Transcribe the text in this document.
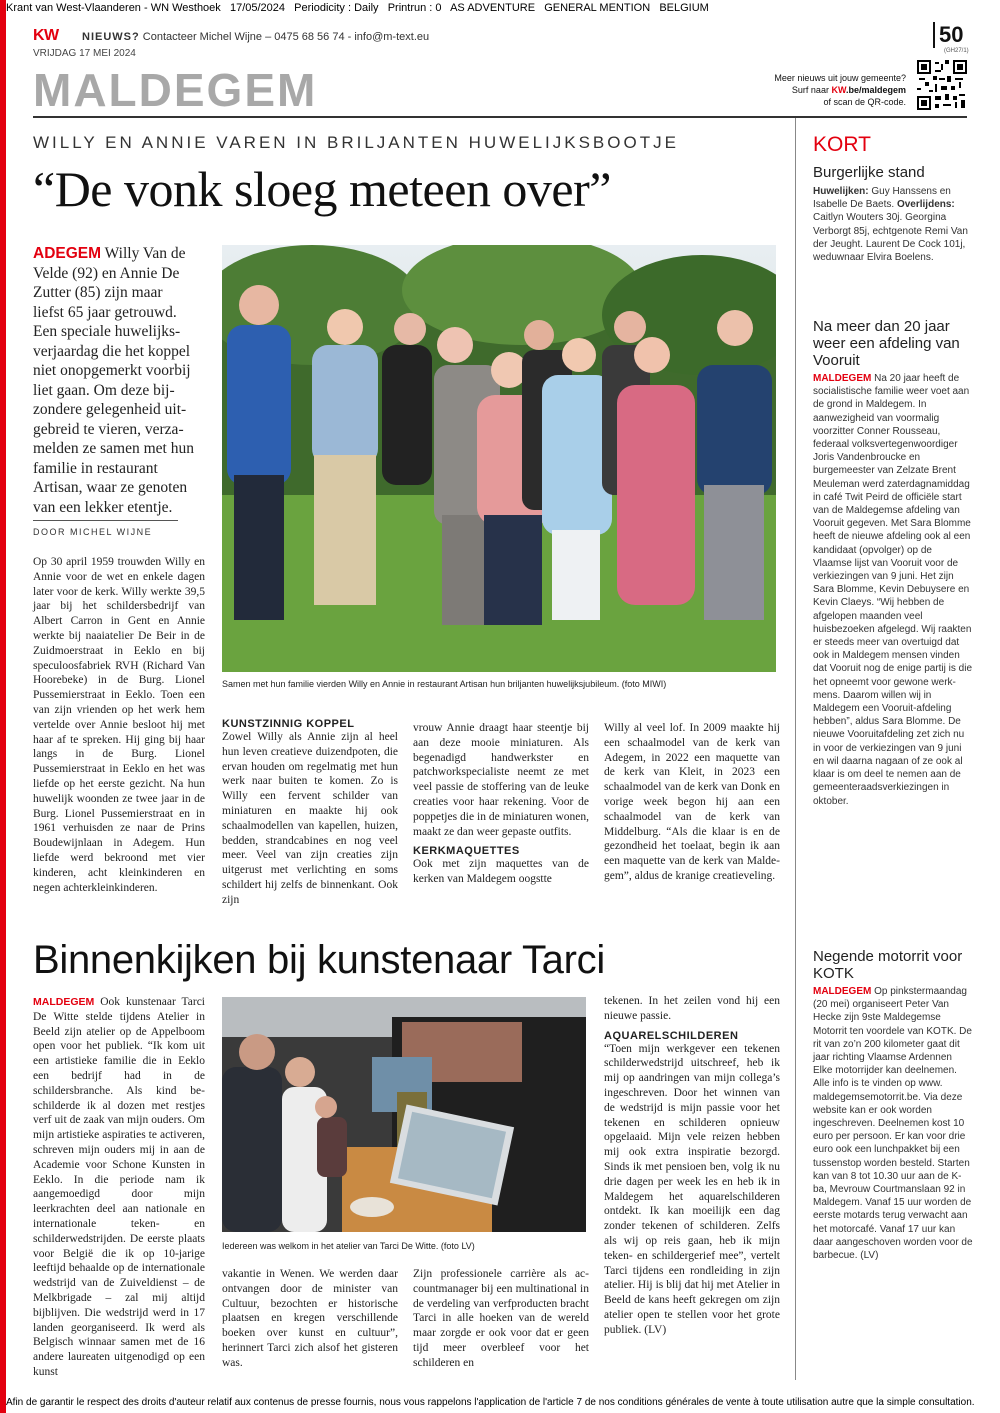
Krant van West-Vlaanderen - WN Westhoek   17/05/2024   Periodicity : Daily   Printrun : 0   AS ADVENTURE   GENERAL MENTION   BELGIUM
KW NIEUWS? Contacteer Michel Wijne – 0475 68 56 74 - info@m-text.eu
VRIJDAG 17 MEI 2024
50
(GH27/1)
MALDEGEM	Meer nieuws uit jouw gemeente?
Surf naar KW.be/maldegem
of scan de QR-code.
WILLY EN ANNIE VAREN IN BRILJANTEN HUWELIJKSBOOTJE
“De vonk sloeg meteen over”
ADEGEM Willy Van de Velde (92) en Annie De Zutter (85) zijn maar liefst 65 jaar getrouwd. Een speciale huwelijksverjaardag die het koppel niet onopgemerkt voorbij liet gaan. Om deze bijzondere gelegenheid uitgebreid te vieren, verzamelden ze samen met hun familie in restaurant Artisan, waar ze genoten van een lekker etentje.
DOOR MICHEL WIJNE
Op 30 april 1959 trouwden Willy en Annie voor de wet en enkele dagen later voor de kerk. Willy werkte 39,5 jaar bij het schildersbedrijf van Albert Carron in Gent en Annie werkte bij naaiatelier De Beir in de Zuidmoerstraat in Eeklo en bij speculoosfabriek RVH (Richard Van Hoorebeke) in de Burg. Lionel Pussemierstraat in Eeklo. Toen een van zijn vrienden op het werk hem vertelde over Annie besloot hij met haar af te spreken. Hij ging bij haar langs in de Burg. Lionel Pussemierstraat in Eeklo en het was liefde op het eerste gezicht. Na hun huwelijk woonden ze twee jaar in de Burg. Lionel Pussemierstraat en in 1961 verhuisden ze naar de Prins Boudewijnlaan in Adegem. Hun liefde werd bekroond met vier kinderen, acht kleinkinderen en negen achterkleinkinderen.
Samen met hun familie vierden Willy en Annie in restaurant Artisan hun briljanten huwelijksjubileum. (foto MIWI)
KUNSTZINNIG KOPPEL
Zowel Willy als Annie zijn al heel hun leven creatieve duizendpoten, die ervan houden om regelmatig met hun werk naar buiten te komen. Zo is Willy een fervent schilder van miniaturen en maakte hij ook schaalmodellen van kapellen, huizen, bedden, strandcabines en nog veel meer. Veel van zijn creaties zijn uitgerust met verlichting en soms schildert hij zelfs de binnenkant. Ook zijn
vrouw Annie draagt haar steentje bij aan deze mooie miniaturen. Als begenadigd handwerkster en patchworkspecialiste neemt ze met veel passie de stoffering van de leuke creaties voor haar rekening. Voor de poppetjes die in de miniaturen wonen, maakt ze dan weer gepaste outfits.
KERKMAQUETTES
Ook met zijn maquettes van de kerken van Maldegem oogstte
Willy al veel lof. In 2009 maakte hij een schaalmodel van de kerk van Adegem, in 2022 een maquette van de kerk van Kleit, in 2023 een schaalmodel van de kerk van Donk en vorige week begon hij aan een schaalmodel van de kerk van Middelburg. “Als die klaar is en de gezondheid het toelaat, begin ik aan een maquette van de kerk van Maldegem”, aldus de kranige creatieveling.
Binnenkijken bij kunstenaar Tarci
MALDEGEM Ook kunstenaar Tarci De Witte stelde tijdens Atelier in Beeld zijn atelier op de Appelboom open voor het publiek. “Ik kom uit een artistieke familie die in Eeklo een bedrijf had in de schildersbranche. Als kind beschilderde ik al dozen met restjes verf uit de zaak van mijn ouders. Om mijn artistieke aspiraties te activeren, schreven mijn ouders mij in aan de Academie voor Schone Kunsten in Eeklo. In die periode nam ik aangemoedigd door mijn leerkrachten deel aan nationale en internationale teken- en schilderwedstrijden. De eerste plaats voor België die ik op 10-jarige leeftijd behaalde op de internationale wedstrijd van de Zuiveldienst – de Melkbrigade – zal mij altijd bijblijven. Die wedstrijd werd in 17 landen georganiseerd. Ik werd als Belgisch winnaar samen met de 16 andere laureaten uitgenodigd op een kunst
Iedereen was welkom in het atelier van Tarci De Witte. (foto LV)
vakantie in Wenen. We werden daar ontvangen door de minister van Cultuur, bezochten er historische plaatsen en kregen verschillende boeken over kunst en cultuur”, herinnert Tarci zich alsof het gisteren was.
Zijn professionele carrière als accountmanager bij een multinational in de verdeling van verfproducten bracht Tarci in alle hoeken van de wereld maar zorgde er ook voor dat er geen tijd meer overbleef voor het schilderen en
tekenen. In het zeilen vond hij een nieuwe passie.
AQUARELSCHILDEREN
“Toen mijn werkgever een tekenen schilderwedstrijd uitschreef, heb ik mij op aandringen van mijn collega’s ingeschreven. Door het winnen van de wedstrijd is mijn passie voor het tekenen en schilderen opnieuw opgelaaid. Mijn vele reizen hebben mij ook extra inspiratie bezorgd. Sinds ik met pensioen ben, volg ik nu drie dagen per week les en heb ik in Maldegem het aquarelschilderen ontdekt. Ik kan moeilijk een dag zonder tekenen of schilderen. Zelfs als wij op reis gaan, heb ik mijn teken- en schildergerief mee”, vertelt Tarci tijdens een rondleiding in zijn atelier. Hij is blij dat hij met Atelier in Beeld de kans heeft gekregen om zijn atelier open te stellen voor het grote publiek. (LV)
KORT
Burgerlijke stand
Huwelijken: Guy Hanssens en Isabelle De Baets. Overlijdens: Caitlyn Wouters 30j. Georgina Verborgt 85j, echtgenote Remi Van der Jeught. Laurent De Cock 101j, weduwnaar Elvira Boelens.
Na meer dan 20 jaar weer een afdeling van Vooruit
MALDEGEM Na 20 jaar heeft de socialistische familie weer voet aan de grond in Maldegem. In aanwezigheid van voormalig voorzitter Conner Rousseau, federaal volksvertegenwoordiger Joris Vandenbroucke en burgemeester van Zelzate Brent Meuleman werd zaterdagnamiddag in café Twit Peird de officiële start van de Maldegemse afdeling van Vooruit gegeven. Met Sara Blomme heeft de nieuwe afdeling ook al een kandidaat (opvolger) op de Vlaamse lijst van Vooruit voor de verkiezingen van 9 juni. Het zijn Sara Blomme, Kevin Debuysere en Kevin Claeys. “Wij hebben de afgelopen maanden veel huisbezoeken afgelegd. Wij raakten er steeds meer van overtuigd dat ook in Maldegem mensen vinden dat Vooruit nog de enige partij is die het opneemt voor gewone werkmens. Daarom willen wij in Maldegem een Vooruit-afdeling hebben”, aldus Sara Blomme. De nieuwe Vooruitafdeling zet zich nu in voor de verkiezingen van 9 juni en wil daarna nagaan of ze ook al klaar is om deel te nemen aan de gemeenteraadsverkiezingen in oktober.
Negende motorrit voor KOTK
MALDEGEM Op pinkstermaandag (20 mei) organiseert Peter Van Hecke zijn 9ste Maldegemse Motorrit ten voordele van KOTK. De rit van zo’n 200 kilometer gaat dit jaar richting Vlaamse Ardennen Elke motorrijder kan deelnemen. Alle info is te vinden op www. maldegemsemotorrit.be. Via deze website kan er ook worden ingeschreven. Deelnemen kost 10 euro per persoon. Er kan voor drie euro ook een lunchpakket bij een tussenstop worden besteld. Starten kan van 8 tot 10.30 uur aan de K-ba, Mevrouw Courtmanslaan 92 in Maldegem. Vanaf 15 uur worden de eerste motards terug verwacht aan het motorcafé. Vanaf 17 uur kan daar aangeschoven worden voor de barbecue. (LV)
Afin de garantir le respect des droits d'auteur relatif aux contenus de presse fournis, nous vous rappelons l'application de l'article 7 de nos conditions générales de vente à toute utilisation autre que la simple consultation.
